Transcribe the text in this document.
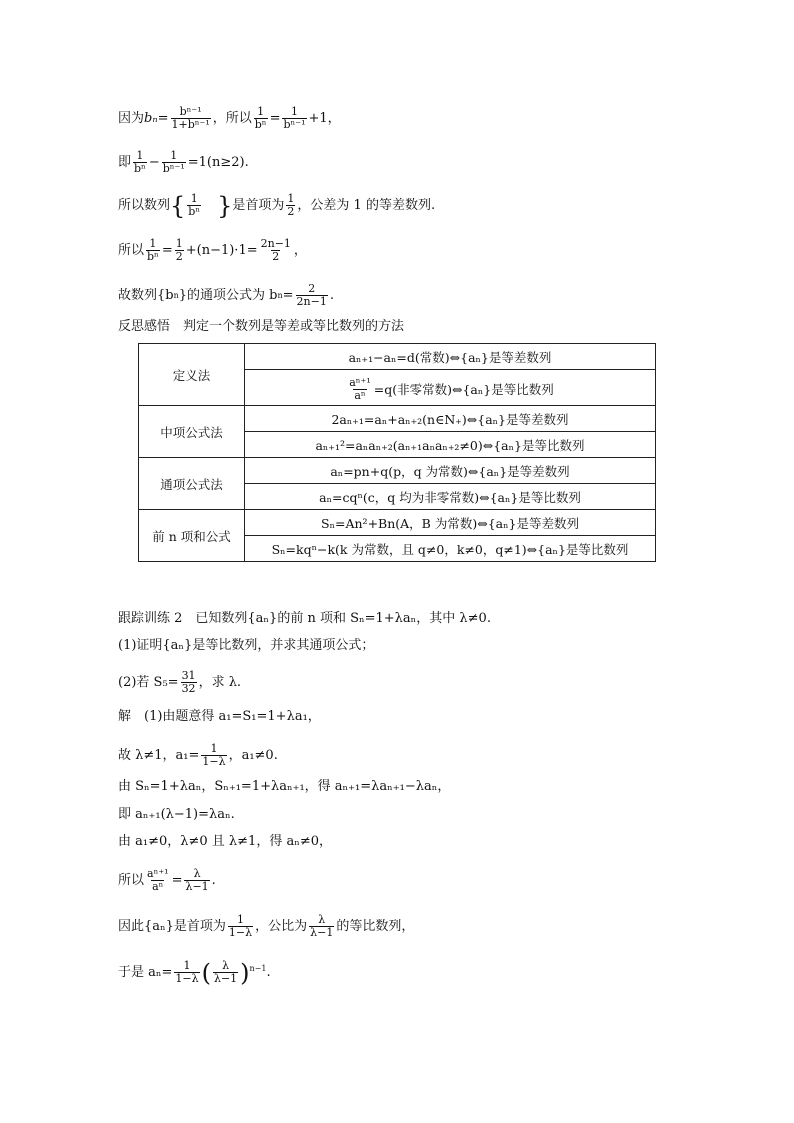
因为 $b_n = \frac{\text{bⁿ⁻¹}}{\text{1+bⁿ⁻¹}}$ ，所以 $\frac{1}{\text{bⁿ}} = \frac{1}{\text{bⁿ⁻¹}} +1$，
即 $\frac{1}{\text{bⁿ}} - \frac{1}{\text{bⁿ⁻¹}} =1(n\ge 2)$.
所以数列 { $\frac{1}{\text{bⁿ}}$ } 是首项为 $\frac{1}{2}$ ，公差为 1 的等差数列.
所以 $\frac{1}{\text{bⁿ}} = \frac{1}{2} +(n-1)\cdot 1= \frac{2n-1}{2}$ ，
故数列{b n }的通项公式为 b $n = \frac{2}{2n-1}$ .
反思感悟　判定一个数列是等差或等比数列的方法
定义法	aₙ₊₁−aₙ=d(常数)⇔{aₙ}是等差数列

	$\frac{\text{aⁿ⁺¹}}{\text{aⁿ}} =q$(非零常数)⇔{aₙ}是等比数列

中项公式法	2aₙ₊₁=aₙ+aₙ₊₂(n∈N₊)⇔{aₙ}是等差数列
	aₙ₊₁²=aₙaₙ₊₂(aₙ₊₁aₙaₙ₊₂≠0)⇔{aₙ}是等比数列
通项公式法	aₙ=pn+q(p，q 为常数)⇔{aₙ}是等差数列
	aₙ=cqⁿ(c，q 均为非零常数)⇔{aₙ}是等比数列
前 n 项和公式	Sₙ=An²+Bn(A，B 为常数)⇔{aₙ}是等差数列
	Sₙ=kqⁿ−k(k 为常数，且 q≠0，k≠0，q≠1)⇔{aₙ}是等比数列
跟踪训练 2　已知数列{aₙ}的前 n 项和 Sₙ=1+λaₙ，其中 λ≠0.
(1)证明{aₙ}是等比数列，并求其通项公式；
(2)若 $S_5= \frac{31}{32}$ ，求 λ.
解　(1)由题意得 a₁=S₁=1+λa₁，
故 λ≠1，$a_1= \frac{1}{1-\lambda}$ ，a₁≠0.
由 Sₙ=1+λaₙ，Sₙ₊₁=1+λaₙ₊₁，得 aₙ₊₁=λaₙ₊₁−λaₙ，
即 aₙ₊₁(λ−1)=λaₙ.
由 a₁≠0，λ≠0 且 λ≠1，得 aₙ≠0，
所以 $\frac{\text{aⁿ⁺¹}}{\text{aⁿ}} = \frac{\lambda}{\lambda-1}$ .
因此{aₙ}是首项为 $\frac{1}{1-\lambda}$ ，公比为 $\frac{\lambda}{\lambda-1}$ 的等比数列，
于是 $a_n= \frac{1}{1-\lambda}$ ( $\frac{\lambda}{\lambda-1} )^{n-1}$ .
